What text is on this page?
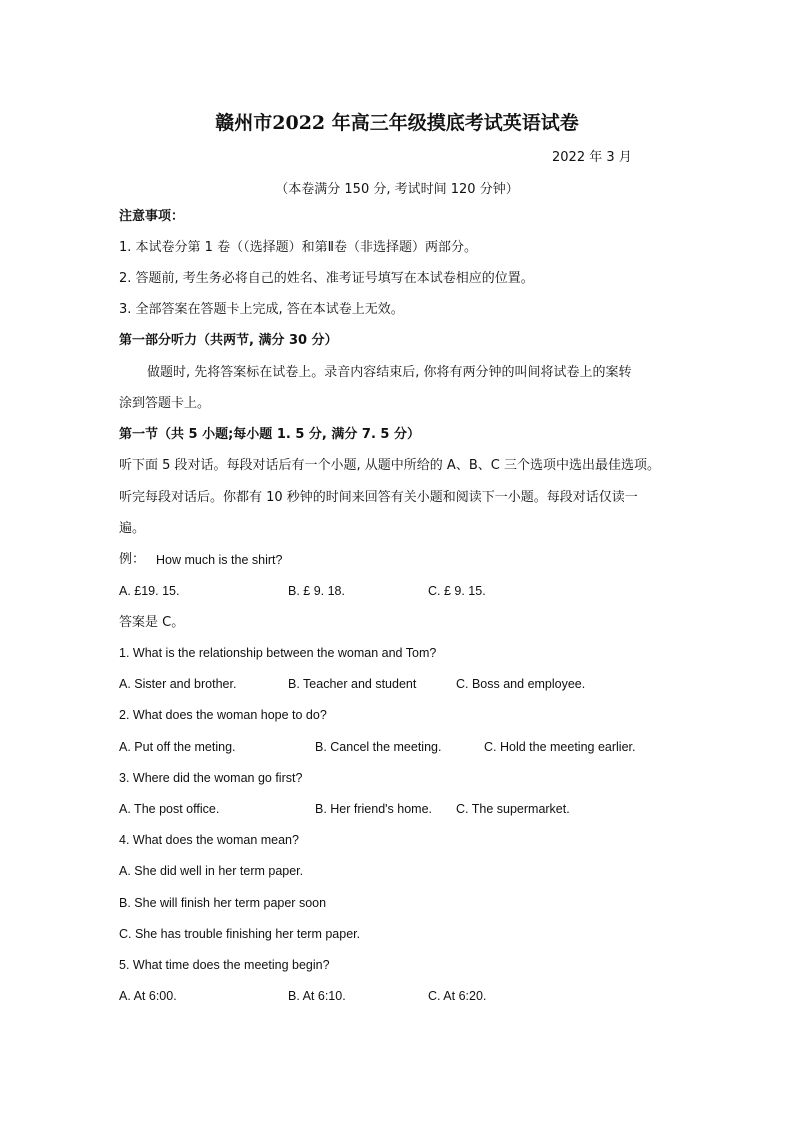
赣州市2022 年高三年级摸底考试英语试卷
2022 年 3 月
（本卷满分 150 分, 考试时间 120 分钟）
注意事项：
1. 本试卷分第 1 卷（（选择题）和第Ⅱ卷（非选择题）两部分。
2. 答题前, 考生务必将自己的姓名、准考证号填写在本试卷相应的位置。
3. 全部答案在答题卡上完成, 答在本试卷上无效。
第一部分听力（共两节, 满分 30 分）
做题时, 先将答案标在试卷上。录音内容结束后, 你将有两分钟的叫间将试卷上的案转
涂到答题卡上。
第一节（共 5 小题;每小题 1. 5 分, 满分 7. 5 分）
听下面 5 段对话。每段对话后有一个小题, 从题中所给的 A、B、C 三个选项中选出最佳选项。
听完每段对话后。你都有 10 秒钟的时间来回答有关小题和阅读下一小题。每段对话仅读一
遍。
例： How much is the shirt?
A. £19. 15.	B. £ 9. 18.	C. £ 9. 15.
答案是 C。
1. What is the relationship between the woman and Tom?
A. Sister and brother.	B. Teacher and student	C. Boss and employee.
2. What does the woman hope to do?
A. Put off the meting.	B. Cancel the meeting.	C. Hold the meeting earlier.
3. Where did the woman go first?
A. The post office.	B. Her friend's home. C. The supermarket.
4. What does the woman mean?
A. She did well in her term paper.
B. She will finish her term paper soon
C. She has trouble finishing her term paper.
5. What time does the meeting begin?
A. At 6:00.	B. At 6:10.	C. At 6:20.
